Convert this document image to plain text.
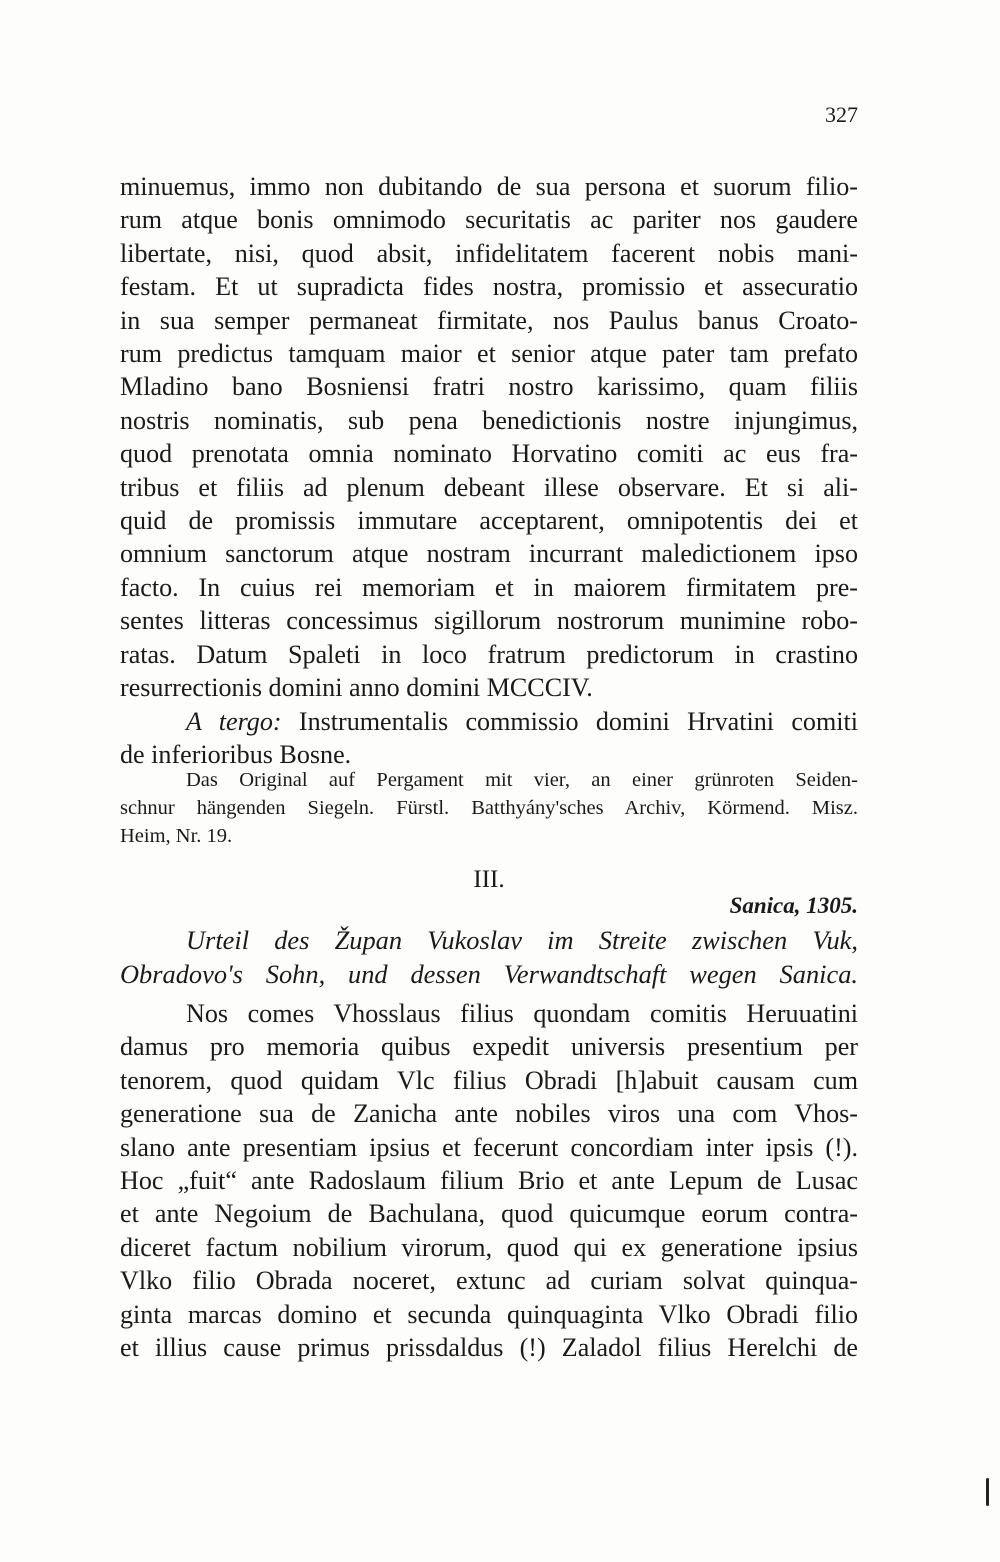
327
minuemus, immo non dubitando de sua persona et suorum filio-
rum atque bonis omnimodo securitatis ac pariter nos gaudere
libertate, nisi, quod absit, infidelitatem facerent nobis mani-
festam. Et ut supradicta fides nostra, promissio et assecuratio
in sua semper permaneat firmitate, nos Paulus banus Croato-
rum predictus tamquam maior et senior atque pater tam prefato
Mladino bano Bosniensi fratri nostro karissimo, quam filiis
nostris nominatis, sub pena benedictionis nostre injungimus,
quod prenotata omnia nominato Horvatino comiti ac eus fra-
tribus et filiis ad plenum debeant illese observare. Et si ali-
quid de promissis immutare acceptarent, omnipotentis dei et
omnium sanctorum atque nostram incurrant maledictionem ipso
facto. In cuius rei memoriam et in maiorem firmitatem pre-
sentes litteras concessimus sigillorum nostrorum munimine robo-
ratas. Datum Spaleti in loco fratrum predictorum in crastino
resurrectionis domini anno domini MCCCIV.
A tergo: Instrumentalis commissio domini Hrvatini comiti
de inferioribus Bosne.
Das Original auf Pergament mit vier, an einer grünroten Seiden-
schnur hängenden Siegeln. Fürstl. Batthyány'sches Archiv, Körmend. Misz.
Heim, Nr. 19.
III.
Sanica, 1305.
Urteil des Župan Vukoslav im Streite zwischen Vuk,
Obradovo's Sohn, und dessen Verwandtschaft wegen Sanica.
Nos comes Vhosslaus filius quondam comitis Heruuatini
damus pro memoria quibus expedit universis presentium per
tenorem, quod quidam Vlc filius Obradi [h]abuit causam cum
generatione sua de Zanicha ante nobiles viros una com Vhos-
slano ante presentiam ipsius et fecerunt concordiam inter ipsis (!).
Hoc „fuit“ ante Radoslaum filium Brio et ante Lepum de Lusac
et ante Negoium de Bachulana, quod quicumque eorum contra-
diceret factum nobilium virorum, quod qui ex generatione ipsius
Vlko filio Obrada noceret, extunc ad curiam solvat quinqua-
ginta marcas domino et secunda quinquaginta Vlko Obradi filio
et illius cause primus prissdaldus (!) Zaladol filius Herelchi de
